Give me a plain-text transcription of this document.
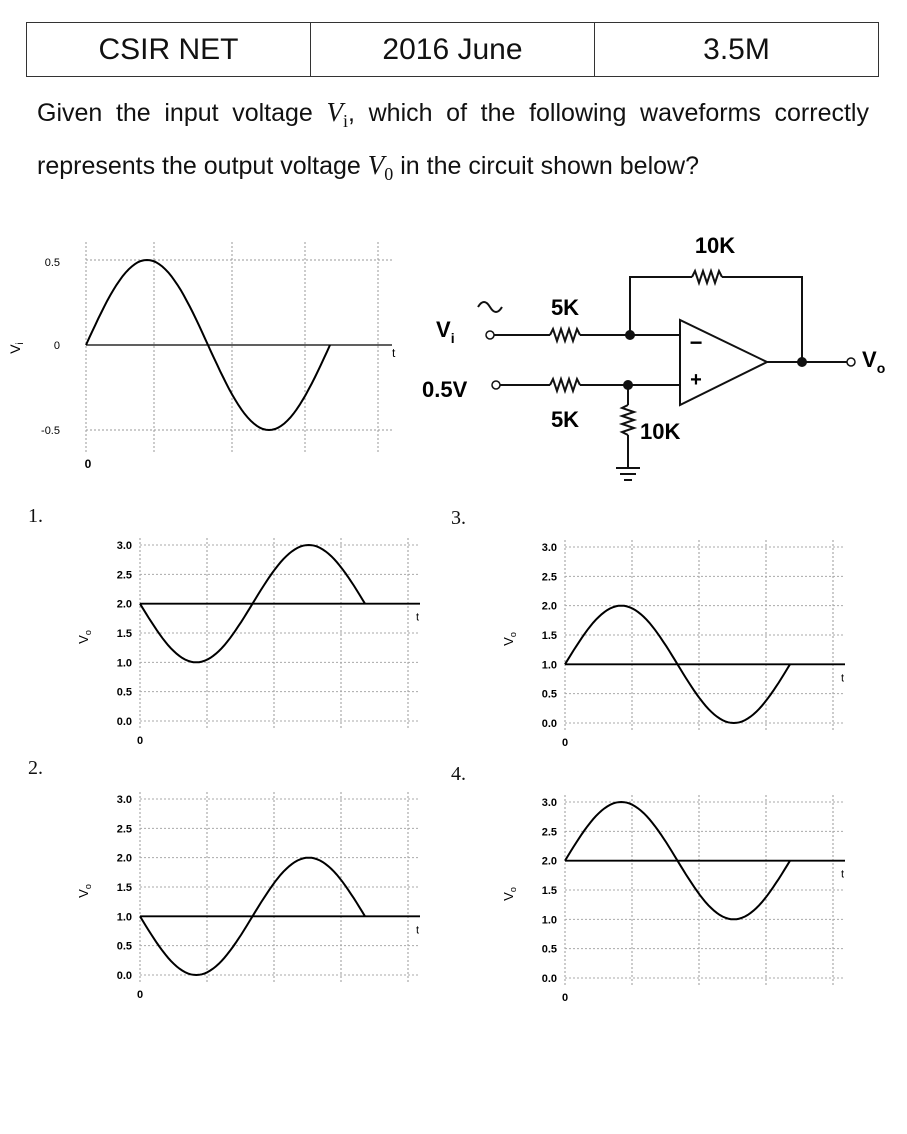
CSIR NET	2016 June	3.5M
Given the input voltage $V_i$, which of the following waveforms correctly represents the output voltage $V_0$ in the circuit shown below?
0.5
0
-0.5
0
t
$V_i$
10K
5K
5K	10K
$V_i$
0.5V
$V_o$
−
+
1.
2.
3.
4.
3.0
2.5
2.0
1.5
1.0
0.5
0.0
0
$V_o$
t
3.0
2.5
2.0
1.5
1.0
0.5
0.0
0
$V_o$
t
3.0
2.5
2.0
1.5
1.0
0.5
0.0
0
$V_o$
t
3.0
2.5
2.0
1.5
1.0
0.5
0.0
0
$V_o$
t
